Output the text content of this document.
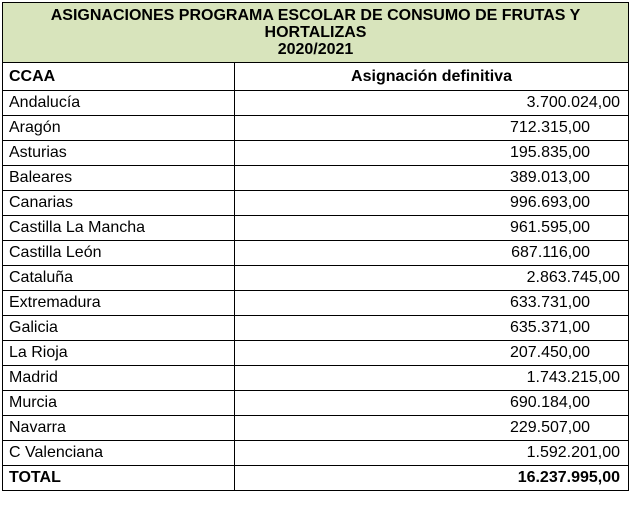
ASIGNACIONES PROGRAMA ESCOLAR DE CONSUMO DE FRUTAS Y
HORTALIZAS
2020/2021	

CCAA	Asignación definitiva
Andalucía	3.700.024,00
Aragón	712.315,00
Asturias	195.835,00
Baleares	389.013,00
Canarias	996.693,00
Castilla La Mancha	961.595,00
Castilla León	687.116,00
Cataluña	2.863.745,00
Extremadura	633.731,00
Galicia	635.371,00
La Rioja	207.450,00
Madrid	1.743.215,00
Murcia	690.184,00
Navarra	229.507,00
C Valenciana	1.592.201,00
TOTAL	16.237.995,00
